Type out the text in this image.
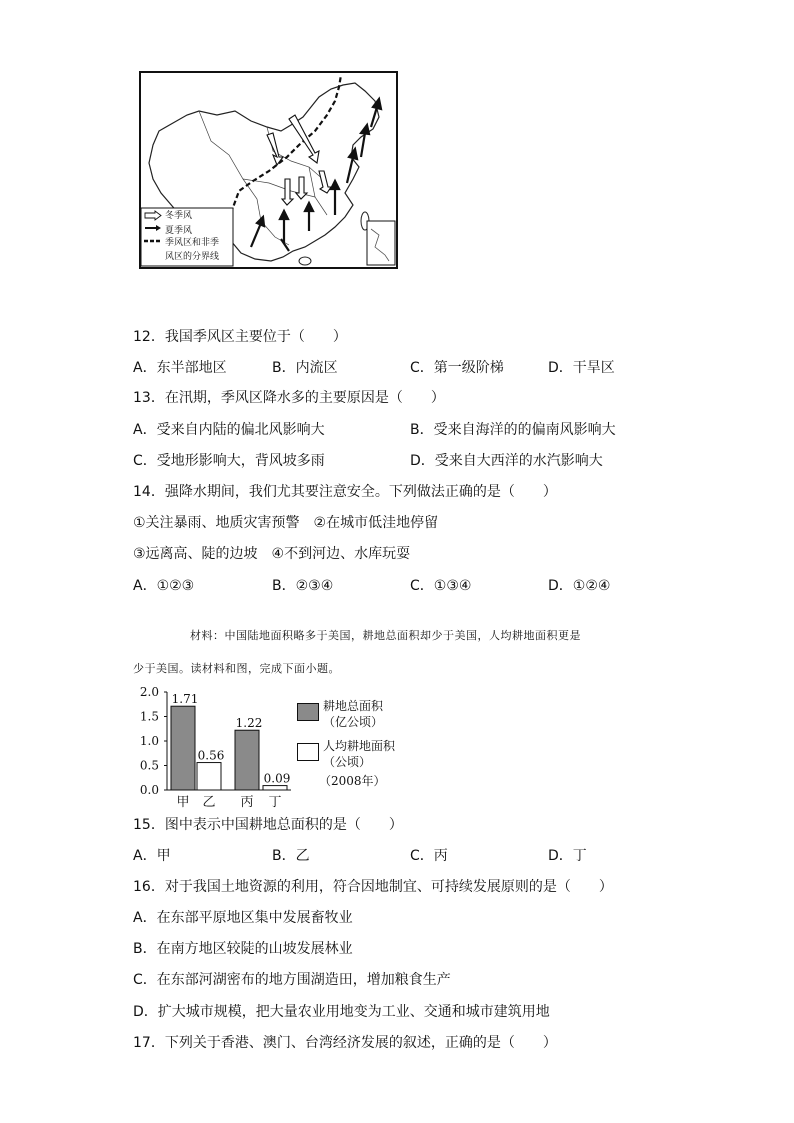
冬季风
夏季风
季风区和非季
风区的分界线
12．我国季风区主要位于（　　）
A．东半部地区	B．内流区	C．第一级阶梯	D．干旱区
13．在汛期，季风区降水多的主要原因是（　　）
A．受来自内陆的偏北风影响大	B．受来自海洋的的偏南风影响大
C．受地形影响大，背风坡多雨	D．受来自大西洋的水汽影响大
14．强降水期间，我们尤其要注意安全。下列做法正确的是（　　）
①关注暴雨、地质灾害预警　②在城市低洼地停留
③远离高、陡的边坡　④不到河边、水库玩耍
A．①②③	B．②③④	C．①③④	D．①②④
材料：中国陆地面积略多于美国，耕地总面积却少于美国，人均耕地面积更是
少于美国。读材料和图，完成下面小题。
2.0
1.5
1.0
0.5
0.0
1.71
甲
0.56
乙
1.22
丙
0.09
丁
耕地总面积
（亿公顷）
人均耕地面积
（公顷）
（2008年）
15．图中表示中国耕地总面积的是（　　）
A．甲	B．乙	C．丙	D．丁
16．对于我国土地资源的利用，符合因地制宜、可持续发展原则的是（　　）
A．在东部平原地区集中发展畜牧业
B．在南方地区较陡的山坡发展林业
C．在东部河湖密布的地方围湖造田，增加粮食生产
D．扩大城市规模，把大量农业用地变为工业、交通和城市建筑用地
17．下列关于香港、澳门、台湾经济发展的叙述，正确的是（　　）
